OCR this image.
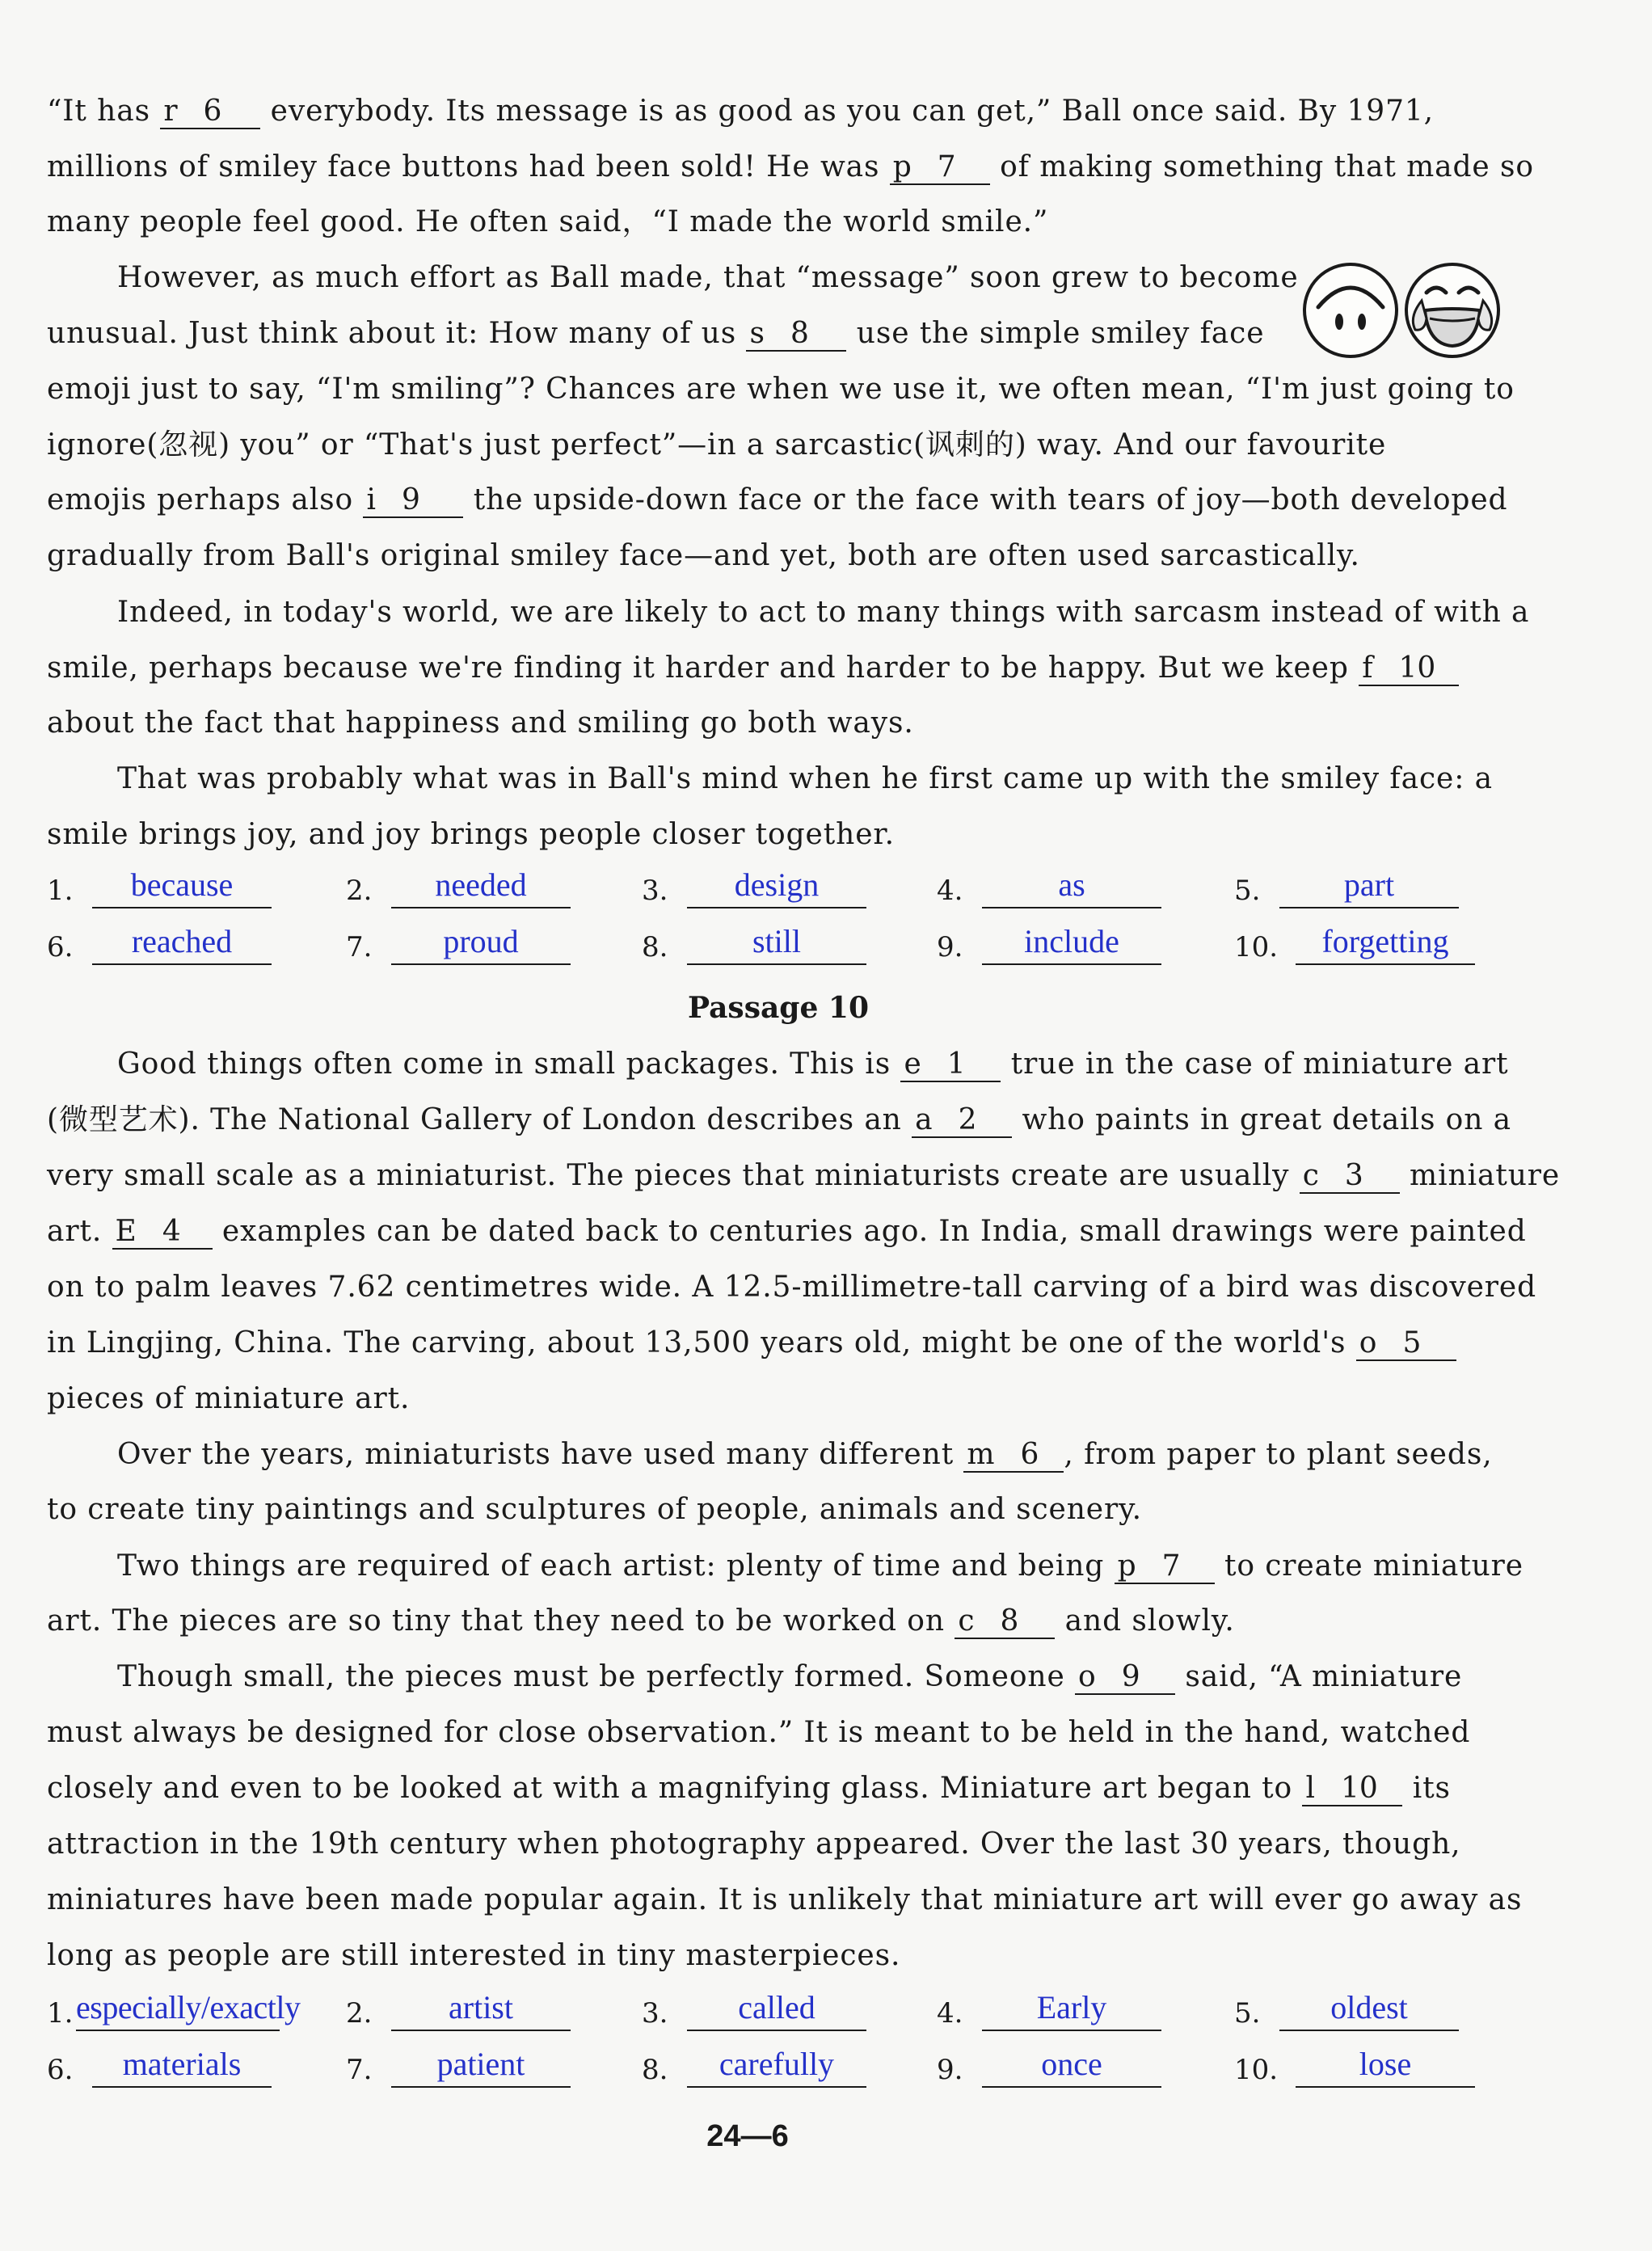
“It has r 6 everybody. Its message is as good as you can get,” Ball once said. By 1971,
millions of smiley face buttons had been sold! He was p 7 of making something that made so
many people feel good. He often said，“I made the world smile.”
However, as much effort as Ball made, that “message” soon grew to become
unusual. Just think about it: How many of us s 8 use the simple smiley face
emoji just to say, “I'm smiling”? Chances are when we use it, we often mean, “I'm just going to
ignore(忽视) you” or “That's just perfect”—in a sarcastic(讽刺的) way. And our favourite
emojis perhaps also i 9 the upside-down face or the face with tears of joy—both developed
gradually from Ball's original smiley face—and yet, both are often used sarcastically.
Indeed, in today's world, we are likely to act to many things with sarcasm instead of with a
smile, perhaps because we're finding it harder and harder to be happy. But we keep f 10
about the fact that happiness and smiling go both ways.
That was probably what was in Ball's mind when he first came up with the smiley face: a
smile brings joy, and joy brings people closer together.
1.	because	2.	needed	3.	design	4.	as	5.	part
6.	reached	7.	proud	8.	still	9.	include	10.	forgetting
Passage 10
Good things often come in small packages. This is e 1 true in the case of miniature art
(微型艺术). The National Gallery of London describes an a 2 who paints in great details on a
very small scale as a miniaturist. The pieces that miniaturists create are usually c 3 miniature
art. E 4 examples can be dated back to centuries ago. In India, small drawings were painted
on to palm leaves 7.62 centimetres wide. A 12.5-millimetre-tall carving of a bird was discovered
in Lingjing, China. The carving, about 13,500 years old, might be one of the world's o 5
pieces of miniature art.
Over the years, miniaturists have used many different m 6 , from paper to plant seeds,
to create tiny paintings and sculptures of people, animals and scenery.
Two things are required of each artist: plenty of time and being p 7 to create miniature
art. The pieces are so tiny that they need to be worked on c 8 and slowly.
Though small, the pieces must be perfectly formed. Someone o 9 said, “A miniature
must always be designed for close observation.” It is meant to be held in the hand, watched
closely and even to be looked at with a magnifying glass. Miniature art began to l 10 its
attraction in the 19th century when photography appeared. Over the last 30 years, though,
miniatures have been made popular again. It is unlikely that miniature art will ever go away as
long as people are still interested in tiny masterpieces.
1. especially/exactly 2.	artist	3.	called	4.	Early	5.	oldest
6.	materials	7.	patient	8.	carefully	9.	once	10.	lose
24—6
